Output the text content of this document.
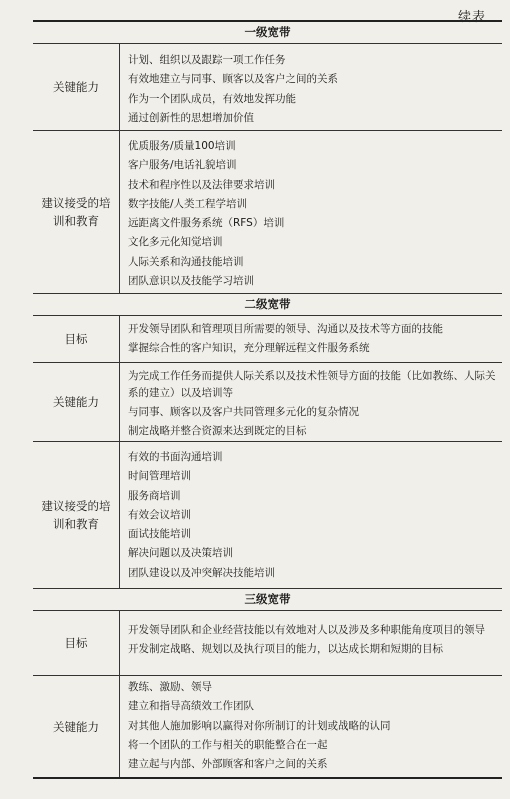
续表
一级宽带
关键能力
计划、组织以及跟踪一项工作任务
有效地建立与同事、顾客以及客户之间的关系
作为一个团队成员，有效地发挥功能
通过创新性的思想增加价值
建议接受的培训和教育
优质服务/质量100培训
客户服务/电话礼貌培训
技术和程序性以及法律要求培训
数字技能/人类工程学培训
远距离文件服务系统（RFS）培训
文化多元化知觉培训
人际关系和沟通技能培训
团队意识以及技能学习培训
二级宽带
目标
开发领导团队和管理项目所需要的领导、沟通以及技术等方面的技能
掌握综合性的客户知识，充分理解远程文件服务系统
关键能力
为完成工作任务而提供人际关系以及技术性领导方面的技能（比如教练、人际关系的建立）以及培训等
与同事、顾客以及客户共同管理多元化的复杂情况
制定战略并整合资源来达到既定的目标
建议接受的培训和教育
有效的书面沟通培训
时间管理培训
服务商培训
有效会议培训
面试技能培训
解决问题以及决策培训
团队建设以及冲突解决技能培训
三级宽带
目标
开发领导团队和企业经营技能以有效地对人以及涉及多种职能角度项目的领导
开发制定战略、规划以及执行项目的能力，以达成长期和短期的目标
关键能力
教练、激励、领导
建立和指导高绩效工作团队
对其他人施加影响以赢得对你所制订的计划或战略的认同
将一个团队的工作与相关的职能整合在一起
建立起与内部、外部顾客和客户之间的关系
